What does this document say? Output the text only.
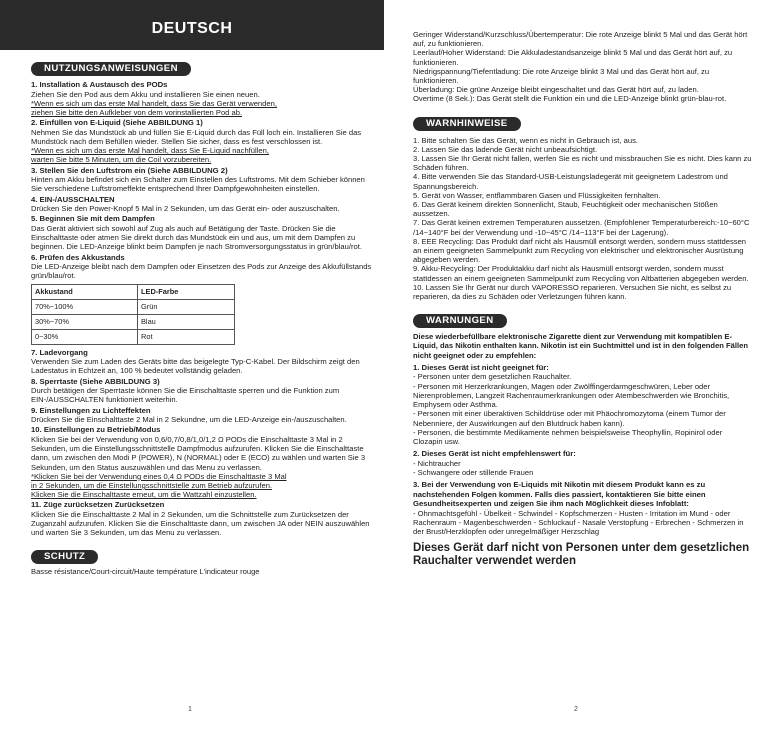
DEUTSCH
NUTZUNGSANWEISUNGEN
1. Installation & Austausch des PODs
Ziehen Sie den Pod aus dem Akku und installieren Sie einen neuen.
*Wenn es sich um das erste Mal handelt, dass Sie das Gerät verwenden,
ziehen Sie bitte den Aufkleber von dem vorinstallierten Pod ab.
2. Einfüllen von E-Liquid (Siehe ABBILDUNG 1)
Nehmen Sie das Mundstück ab und füllen Sie E-Liquid durch das Füll loch ein. Installieren Sie das Mundstück nach dem Befüllen wieder. Stellen Sie sicher, dass es fest verschlossen ist.
*Wenn es sich um das erste Mal handelt, dass Sie E-Liquid nachfüllen,
warten Sie bitte 5 Minuten, um die Coil vorzubereiten.
3. Stellen Sie den Luftstrom ein (Siehe ABBILDUNG 2)
Hinten am Akku befindet sich ein Schalter zum Einstellen des Luftstroms. Mit dem Schieber können Sie verschiedene Luftstromeffekte entsprechend Ihrer Dampfgewohnheiten einstellen.
4. EIN-/AUSSCHALTEN
Drücken Sie den Power-Knopf 5 Mal in 2 Sekunden, um das Gerät ein- oder auszuschalten.
5. Beginnen Sie mit dem Dampfen
Das Gerät aktiviert sich sowohl auf Zug als auch auf Betätigung der Taste. Drücken Sie die Einschalttaste oder atmen Sie direkt durch das Mundstück ein und aus, um mit dem Dampfen zu beginnen. Die LED-Anzeige blinkt beim Dampfen je nach Stromversorgungsstatus in grün/blau/rot.
6. Prüfen des Akkustands
Die LED-Anzeige bleibt nach dem Dampfen oder Einsetzen des Pods zur Anzeige des Akkufüllstands grün/blau/rot.
Akkustand	LED-Farbe
70%~100%	Grün
30%~70%	Blau
0~30%	Rot
7. Ladevorgang
Verwenden Sie zum Laden des Geräts bitte das beigelegte Typ-C-Kabel. Der Bildschirm zeigt den Ladestatus in Echtzeit an, 100 % bedeutet vollständig geladen.
8. Sperrtaste (Siehe ABBILDUNG 3)
Durch betätigen der Sperrtaste können Sie die Einschalttaste sperren und die Funktion zum EIN-/AUSSCHALTEN funktioniert weiterhin.
9. Einstellungen zu Lichteffekten
Drücken Sie die Einschalttaste 2 Mal in 2 Sekundne, um die LED-Anzeige ein-/auszuschalten.
10. Einstellungen zu Betrieb/Modus
Klicken Sie bei der Verwendung von 0,6/0,7/0,8/1,0/1,2 Ω PODs die Einschalttaste 3 Mal in 2 Sekunden, um die Einstellungsschnittstelle Dampfmodus aufzurufen. Klicken Sie die Einschalttaste dann, um zwischen den Modi P (POWER), N (NORMAL) oder E (ECO) zu wählen und warten Sie 3 Sekunden, um den Status auszuwählen und das Menu zu verlassen.
*Klicken Sie bei der Verwendung eines 0,4 Ω PODs die Einschalttaste 3 Mal
in 2 Sekunden, um die Einstellungsschnittstelle zum Betrieb aufzurufen.
Klicken Sie die Einschalttaste erneut, um die Wattzahl einzustellen.
11. Züge zurücksetzen Zurücksetzen
Klicken Sie die Einschalttaste 2 Mal in 2 Sekunden, um die Schnittstelle zum Zurücksetzen der Zuganzahl aufzurufen. Klicken Sie die Einschalttaste dann, um zwischen JA oder NEIN auszuwählen und warten Sie 3 Sekunden, um das Menu zu verlassen.
SCHUTZ
Basse résistance/Court-circuit/Haute température L'indicateur rouge
1
Geringer Widerstand/Kurzschluss/Übertemperatur: Die rote Anzeige blinkt 5 Mal und das Gerät hört auf, zu funktionieren.
Leerlauf/Hoher Widerstand: Die Akkuladestandsanzeige blinkt 5 Mal und das Gerät hört auf, zu funktionieren.
Niedrigspannung/Tiefentladung: Die rote Anzeige blinkt 3 Mal und das Gerät hört auf, zu funktionieren.
Überladung: Die grüne Anzeige bleibt eingeschaltet und das Gerät hört auf, zu laden.
Overtime (8 Sek.): Das Gerät stellt die Funktion ein und die LED-Anzeige blinkt grün-blau-rot.
WARNHINWEISE
1. Bitte schalten Sie das Gerät, wenn es nicht in Gebrauch ist, aus.
2. Lassen Sie das ladende Gerät nicht unbeaufsichtigt.
3. Lassen Sie Ihr Gerät nicht fallen, werfen Sie es nicht und missbrauchen Sie es nicht. Dies kann zu Schäden führen.
4. Bitte verwenden Sie das Standard-USB-Leistungsladegerät mit geeignetem Ladestrom und Spannungsbereich.
5. Gerät von Wasser, entflammbaren Gasen und Flüssigkeiten fernhalten.
6. Das Gerät keinem direkten Sonnenlicht, Staub, Feuchtigkeit oder mechanischen Stößen aussetzen.
7. Das Gerät keinen extremen Temperaturen aussetzen. (Empfohlener Temperaturbereich:-10~60°C /14~140°F bei der Verwendung und -10~45°C /14~113°F bei der Lagerung).
8. EEE Recycling: Das Produkt darf nicht als Hausmüll entsorgt werden, sondern muss stattdessen an einem geeigneten Sammelpunkt zum Recycling von elektrischer und elektronischer Ausrüstung abgegeben werden.
9. Akku-Recycling: Der Produktakku darf nicht als Hausmüll entsorgt werden, sondern musst stattdessen an einem geeigneten Sammelpunkt zum Recycling von Altbatterien abgegeben werden.
10. Lassen Sie Ihr Gerät nur durch VAPORESSO reparieren. Versuchen Sie nicht, es selbst zu reparieren, da dies zu Schäden oder Verletzungen führen kann.
WARNUNGEN
Diese wiederbefüllbare elektronische Zigarette dient zur Verwendung mit kompatiblen E-Liquid, das Nikotin enthalten kann. Nikotin ist ein Suchtmittel und ist in den folgenden Fällen nicht geeignet oder zu empfehlen:
1. Dieses Gerät ist nicht geeignet für:
- Personen unter dem gesetzlichen Rauchalter.
- Personen mit Herzerkrankungen, Magen oder Zwölffingerdarmgeschwüren, Leber oder Nierenproblemen, Langzeit Rachenraumerkrankungen oder Atembeschwerden wie Bronchitis, Emphysem oder Asthma.
- Personen mit einer überaktiven Schilddrüse oder mit Phäochromozytoma (einem Tumor der Nebenniere, der Auswirkungen auf den Blutdruck haben kann).
- Personen, die bestimmte Medikamente nehmen beispielsweise Theophyllin, Ropinirol oder Clozapin usw.
2. Dieses Gerät ist nicht empfehlenswert für:
- Nichtraucher
- Schwangere oder stillende Frauen
3. Bei der Verwendung von E-Liquids mit Nikotin mit diesem Produkt kann es zu nachstehenden Folgen kommen. Falls dies passiert, kontaktieren Sie bitte einen Gesundheitsexperten und zeigen Sie ihm nach Möglichkeit dieses Infoblatt:
- Ohnmachtsgefühl - Übelkeit - Schwindel - Kopfschmerzen - Husten - Irritation im Mund - oder Rachenraum - Magenbeschwerden - Schluckauf - Nasale Verstopfung - Erbrechen - Schmerzen in der Brust/Herzklopfen oder unregelmäßiger Herzschlag
Dieses Gerät darf nicht von Personen unter dem gesetzlichen Rauchalter verwendet werden
2
